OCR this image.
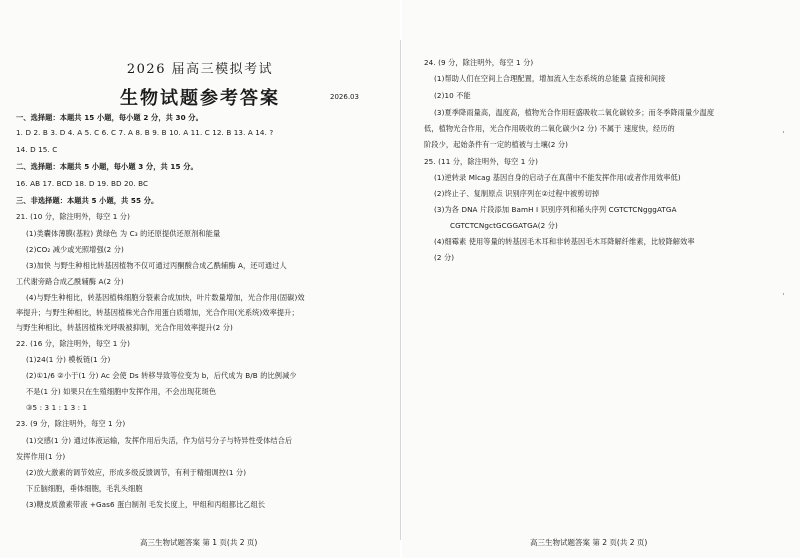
2026 届高三模拟考试
生物试题参考答案	2026.03
一、选择题：本题共 15 小题，每小题 2 分，共 30 分。
1. D 2. B 3. D 4. A 5. C 6. C 7. A 8. B 9. B 10. A 11. C 12. B 13. A 14. ?
14. D 15. C
二、选择题：本题共 5 小题，每小题 3 分，共 15 分。
16. AB 17. BCD 18. D 19. BD 20. BC
三、非选择题：本题共 5 小题，共 55 分。
21. (10 分，除注明外，每空 1 分)
(1)类囊体薄膜(基粒) 黄绿色 为 C₃ 的还原提供还原剂和能量
(2)CO₂ 减少或光照增强(2 分)
(3)加快 与野生种相比转基因植物不仅可通过丙酮酸合成乙酰辅酶 A，还可通过人
工代谢旁路合成乙酰辅酶 A(2 分)
(4)与野生种相比，转基因植株细胞分裂素合成加快，叶片数量增加，光合作用(固碳)效
率提升；与野生种相比，转基因植株光合作用蛋白质增加，光合作用(光系统)效率提升；
与野生种相比，转基因植株光呼吸被抑制，光合作用效率提升(2 分)
22. (16 分，除注明外，每空 1 分)
(1)24(1 分) 模板链(1 分)
(2)①1/6 ②小于(1 分) Ac 会使 Ds 转移导致等位变为 b，后代成为 B/B 的比例减少
不是(1 分) 如果只在生殖细胞中发挥作用，不会出现花斑色
③5 : 3 1 : 1 3 : 1
23. (9 分，除注明外，每空 1 分)
(1)交感(1 分) 通过体液运输，发挥作用后失活，作为信号分子与特异性受体结合后
发挥作用(1 分)
(2)放大激素的调节效应，形成多级反馈调节，有利于精细调控(1 分)
下丘脑细胞，垂体细胞，毛乳头细胞
(3)糖皮质激素带液 +Gas6 蛋白制剂 毛发长度上，甲组和丙组都比乙组长
高三生物试题答案 第 1 页(共 2 页)
24. (9 分，除注明外，每空 1 分)
(1)帮助人们在空间上合理配置，增加流入生态系统的总能量 直接和间接
(2)10 不能
(3)夏季降雨量高，温度高，植物光合作用旺盛吸收二氧化碳较多；而冬季降雨量少温度
低，植物光合作用，光合作用吸收的二氧化碳少(2 分) 不属于 速度快，经历的
阶段少，起始条件有一定的植被与土壤(2 分)
25. (11 分，除注明外，每空 1 分)
(1)逆转录 Mlcag 基因自身的启动子在真菌中不能发挥作用(或者作用效率低)
(2)终止子、复制原点 识别序列在②过程中被剪切掉
(3)为各 DNA 片段添加 BamH I 识别序列和稀头序列 CGTCTCNgggATGA
CGTCTCNgctGCGGATGA(2 分)
(4)细霉素 使用等量的转基因毛木耳和非转基因毛木耳降解纤维素，比较降解效率
(2 分)
·
·
高三生物试题答案 第 2 页(共 2 页)
